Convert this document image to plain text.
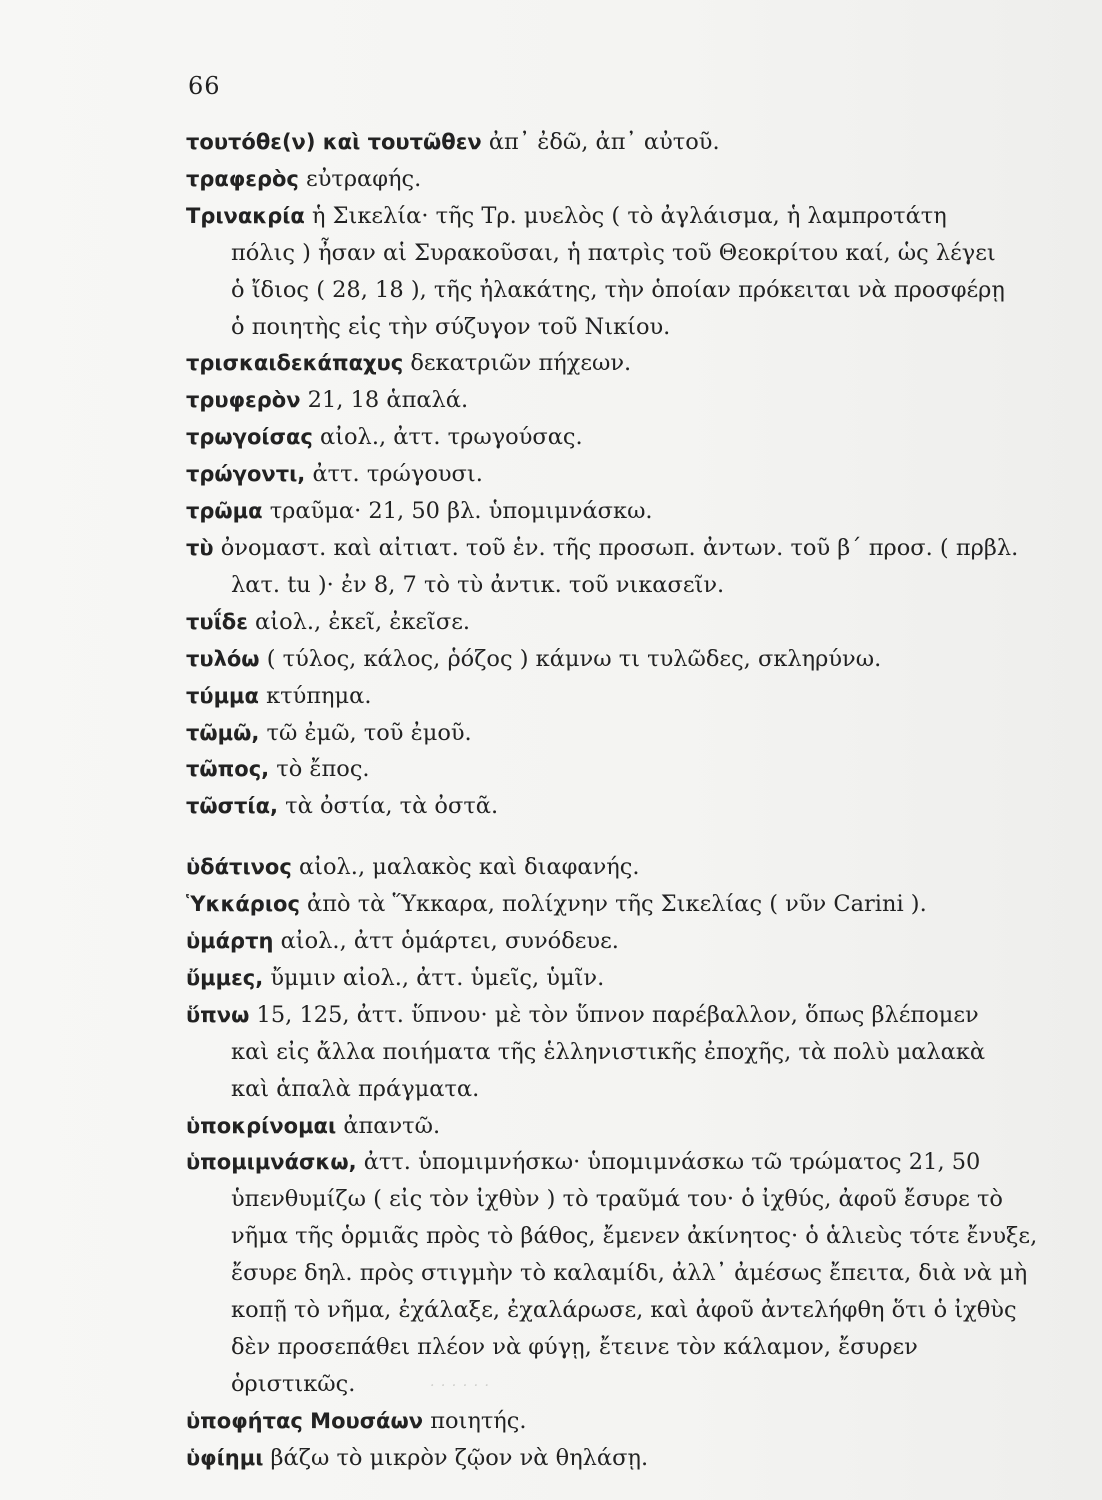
66
τουτόθε(ν) καὶ τουτῶθεν ἀπ᾽ ἐδῶ, ἀπ᾽ αὐτοῦ.
τραφερὸς εὐτραφής.
Τρινακρία ἡ Σικελία· τῆς Τρ. μυελὸς ( τὸ ἀγλάισμα, ἡ λαμπροτάτη
πόλις ) ἦσαν αἱ Συρακοῦσαι, ἡ πατρὶς τοῦ Θεοκρίτου καί, ὡς λέγει
ὁ ἴδιος ( 28, 18 ), τῆς ἠλακάτης, τὴν ὁποίαν πρόκειται νὰ προσφέρῃ
ὁ ποιητὴς εἰς τὴν σύζυγον τοῦ Νικίου.
τρισκαιδεκάπαχυς δεκατριῶν πήχεων.
τρυφερὸν 21, 18 ἁπαλά.
τρωγοίσας αἰολ., ἀττ. τρωγούσας.
τρώγοντι, ἀττ. τρώγουσι.
τρῶμα τραῦμα· 21, 50 βλ. ὑπομιμνάσκω.
τὺ ὀνομαστ. καὶ αἰτιατ. τοῦ ἑν. τῆς προσωπ. ἀντων. τοῦ β΄ προσ. ( πρβλ.
λατ. tu )· ἐν 8, 7 τὸ τὺ ἀντικ. τοῦ νικασεῖν.
τυΐδε αἰολ., ἐκεῖ, ἐκεῖσε.
τυλόω ( τύλος, κάλος, ῥόζος ) κάμνω τι τυλῶδες, σκληρύνω.
τύμμα κτύπημα.
τῶμῶ, τῶ ἐμῶ, τοῦ ἐμοῦ.
τῶπος, τὸ ἔπος.
τῶστία, τὰ ὀστία, τὰ ὀστᾶ.
ὑδάτινος αἰολ., μαλακὸς καὶ διαφανής.
Ὑκκάριος ἀπὸ τὰ Ὕκκαρα, πολίχνην τῆς Σικελίας ( νῦν Carini ).
ὑμάρτη αἰολ., ἀττ ὁμάρτει, συνόδευε.
ὔμμες, ὔμμιν αἰολ., ἀττ. ὑμεῖς, ὑμῖν.
ὕπνω 15, 125, ἀττ. ὕπνου· μὲ τὸν ὕπνον παρέβαλλον, ὅπως βλέπομεν
καὶ εἰς ἄλλα ποιήματα τῆς ἑλληνιστικῆς ἐποχῆς, τὰ πολὺ μαλακὰ
καὶ ἁπαλὰ πράγματα.
ὑποκρίνομαι ἀπαντῶ.
ὑπομιμνάσκω, ἀττ. ὑπομιμνήσκω· ὑπομιμνάσκω τῶ τρώματος 21, 50
ὑπενθυμίζω ( εἰς τὸν ἰχθὺν ) τὸ τραῦμά του· ὁ ἰχθύς, ἀφοῦ ἔσυρε τὸ
νῆμα τῆς ὁρμιᾶς πρὸς τὸ βάθος, ἔμενεν ἀκίνητος· ὁ ἁλιεὺς τότε ἔνυξε,
ἔσυρε δηλ. πρὸς στιγμὴν τὸ καλαμίδι, ἀλλ᾽ ἀμέσως ἔπειτα, διὰ νὰ μὴ
κοπῇ τὸ νῆμα, ἐχάλαξε, ἐχαλάρωσε, καὶ ἀφοῦ ἀντελήφθη ὅτι ὁ ἰχθὺς
δὲν προσεπάθει πλέον νὰ φύγῃ, ἔτεινε τὸν κάλαμον, ἔσυρεν ὁριστικῶς.
ὑποφήτας Μουσάων ποιητής.
ὑφίημι βάζω τὸ μικρὸν ζῷον νὰ θηλάσῃ.
· · · · · ·
